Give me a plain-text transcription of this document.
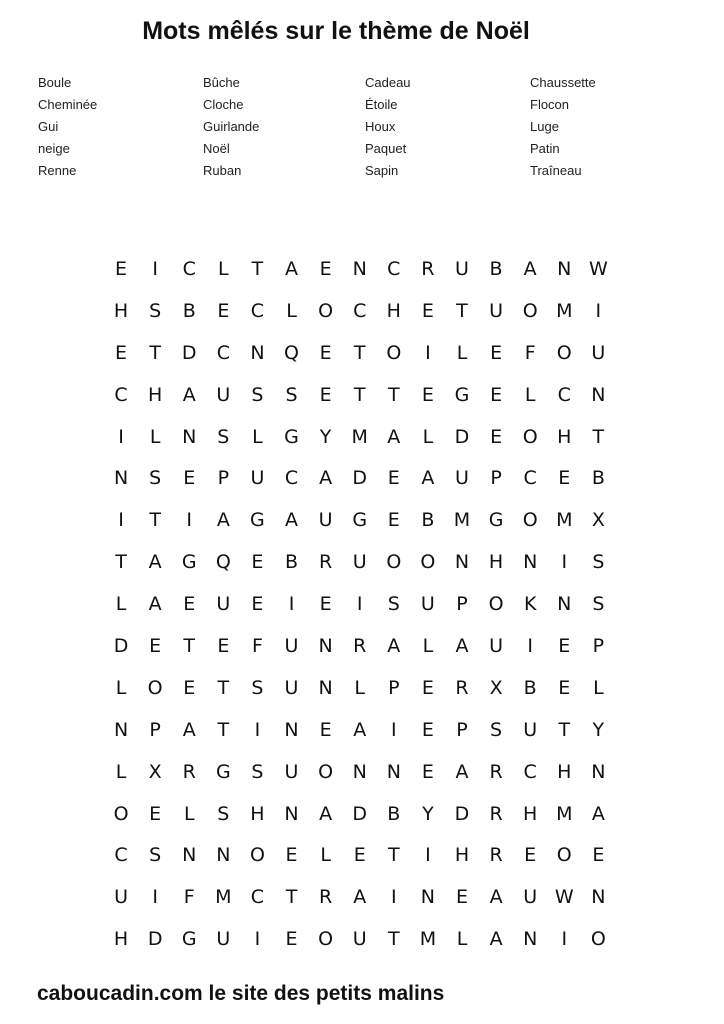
Mots mêlés sur le thème de Noël
Boule
Cheminée
Gui
neige
Renne
Bûche
Cloche
Guirlande
Noël
Ruban
Cadeau
Étoile
Houx
Paquet
Sapin
Chaussette
Flocon
Luge
Patin
Traîneau
E	I	C	L	T	A	E	N	C	R	U	B	A	N W
H	S	B	E	C	L	O	C	H	E	T	U	O M	I
E	T	D	C	N	Q	E	T	O	I	L	E	F	O	U
C	H	A	U	S	S	E	T	T	E	G	E	L	C	N
I	L	N	S	L	G	Y	M	A	L	D	E	O	H	T
N	S	E	P	U	C	A	D	E	A	U	P	C	E	B
I	T	I	A	G	A	U	G	E	B	M G	O M	X
T	A	G	Q	E	B	R	U	O	O	N	H	N	I	S
L	A	E	U	E	I	E	I	S	U	P	O	K	N	S
D	E	T	E	F	U	N	R	A	L	A	U	I	E	P
L	O	E	T	S	U	N	L	P	E	R	X	B	E	L
N	P	A	T	I	N	E	A	I	E	P	S	U	T	Y
L	X	R	G	S	U	O	N	N	E	A	R	C	H	N
O	E	L	S	H	N	A	D	B	Y	D	R	H M	A
C	S	N	N	O	E	L	E	T	I	H	R	E	O	E
U	I	F	M	C	T	R	A	I	N	E	A	U W N
H	D	G	U	I	E	O	U	T	M	L	A	N	I	O
caboucadin.com le site des petits malins
